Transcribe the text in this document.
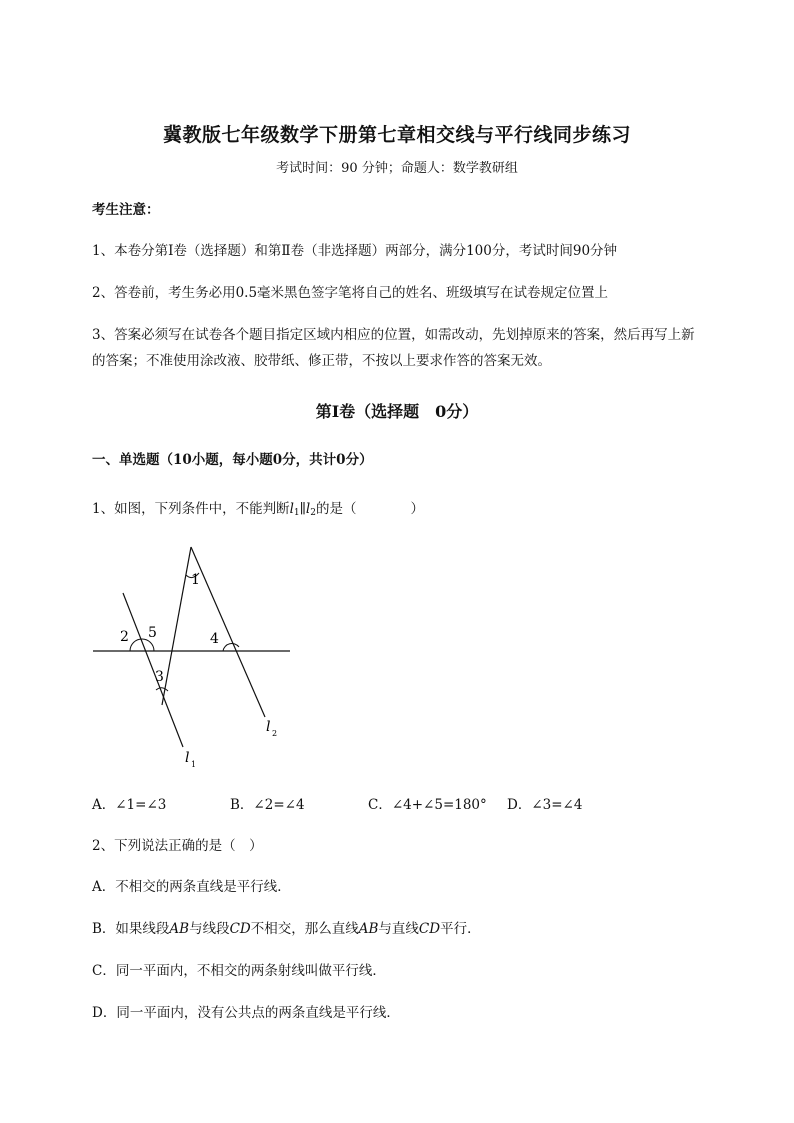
冀教版七年级数学下册第七章相交线与平行线同步练习
考试时间：90 分钟；命题人：数学教研组
考生注意：
1、本卷分第Ⅰ卷（选择题）和第Ⅱ卷（非选择题）两部分，满分100分，考试时间90分钟
2、答卷前，考生务必用0.5毫米黑色签字笔将自己的姓名、班级填写在试卷规定位置上
3、答案必须写在试卷各个题目指定区域内相应的位置，如需改动，先划掉原来的答案，然后再写上新
的答案；不准使用涂改液、胶带纸、修正带，不按以上要求作答的答案无效。
第Ⅰ卷（选择题　0分）
一、单选题（10小题，每小题0分，共计0分）
1、如图，下列条件中，不能判断$l_1\parallel l_2$的是（　　　　）
1
2 5
3
4
l 2
l 1
A．∠1=∠3	B．∠2=∠4	C．∠4+∠5=180° D．∠3=∠4
2、下列说法正确的是（　）
A．不相交的两条直线是平行线．
B．如果线段AB与线段CD不相交，那么直线AB与直线CD平行．
C．同一平面内，不相交的两条射线叫做平行线．
D．同一平面内，没有公共点的两条直线是平行线．
